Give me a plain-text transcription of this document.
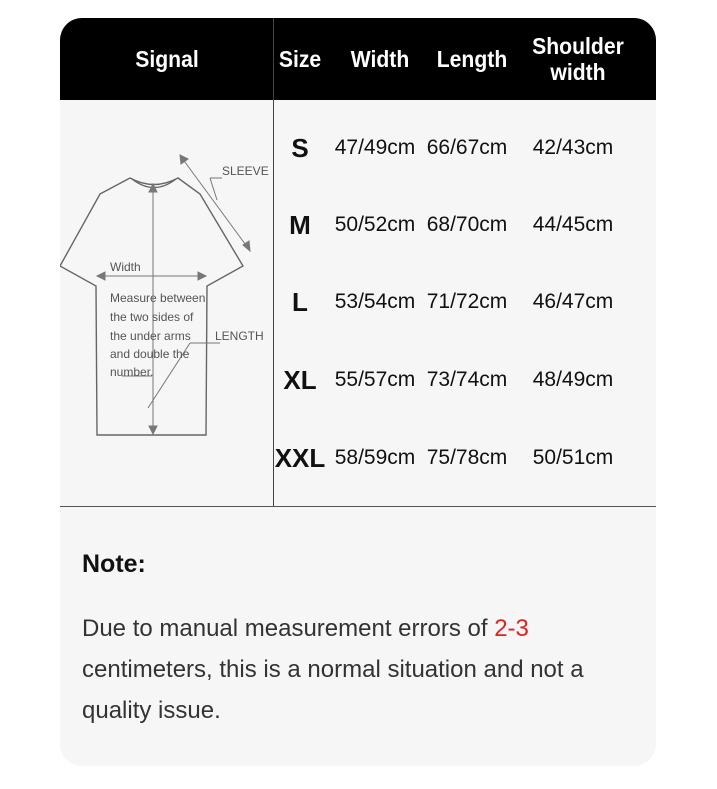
Signal	Size	Width	Length Shoulder
width
SLEEVE
Width
Measure between
the two sides of
the under arms
and double the
number.
LENGTH
S	47/49cm 66/67cm	42/43cm
M	50/52cm 68/70cm	44/45cm
L	53/54cm 71/72cm	46/47cm
XL 55/57cm 73/74cm	48/49cm
XXL 58/59cm 75/78cm	50/51cm
Note:
Due to manual measurement errors of 2-3 centimeters, this is a normal situation and not a quality issue.
